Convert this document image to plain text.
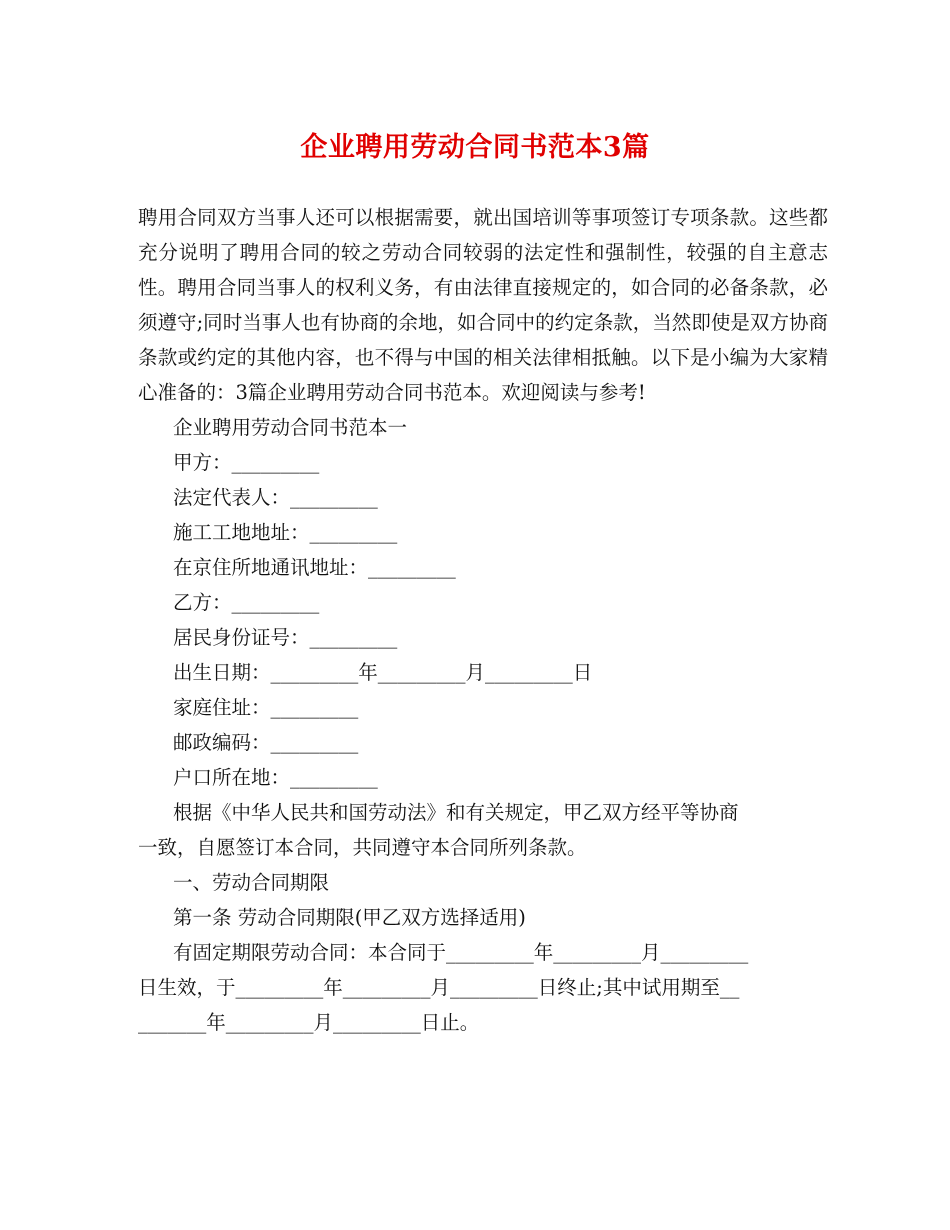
企业聘用劳动合同书范本3篇

聘用合同双方当事人还可以根据需要，就出国培训等事项签订专项条款。这些都充分说明了聘用合同的较之劳动合同较弱的法定性和强制性，较强的自主意志性。聘用合同当事人的权利义务，有由法律直接规定的，如合同的必备条款，必须遵守;同时当事人也有协商的余地，如合同中的约定条款，当然即使是双方协商条款或约定的其他内容，也不得与中国的相关法律相抵触。以下是小编为大家精心准备的：3篇企业聘用劳动合同书范本。欢迎阅读与参考!

企业聘用劳动合同书范本一

甲方：_________

法定代表人：_________

施工工地地址：_________

在京住所地通讯地址：_________

乙方：_________

居民身份证号：_________

出生日期：_________年_________月_________日

家庭住址：_________

邮政编码：_________

户口所在地：_________

根据《中华人民共和国劳动法》和有关规定，甲乙双方经平等协商

一致，自愿签订本合同，共同遵守本合同所列条款。

一、劳动合同期限

第一条 劳动合同期限(甲乙双方选择适用)

有固定期限劳动合同：本合同于_________年_________月_________

日生效，于_________年_________月_________日终止;其中试用期至__

_______年_________月_________日止。
